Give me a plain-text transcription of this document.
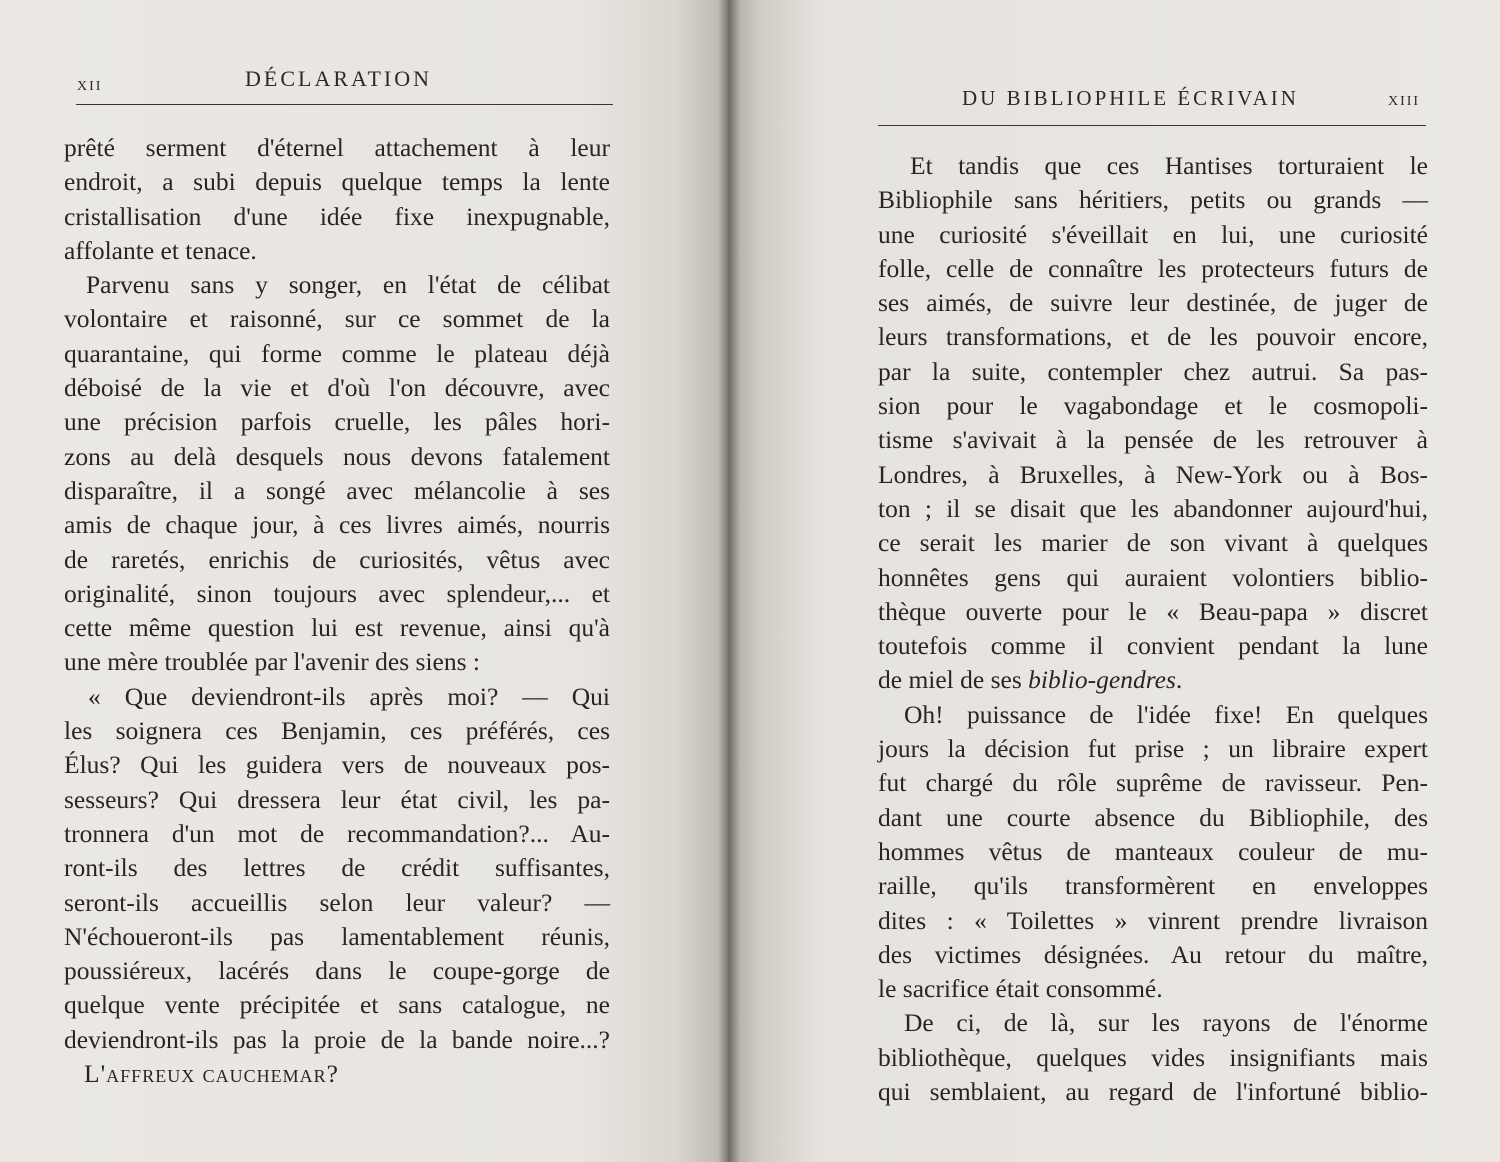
XII	DÉCLARATION
prêté serment d'éternel attachement à leur
endroit, a subi depuis quelque temps la lente
cristallisation d'une idée fixe inexpugnable,
affolante et tenace.
Parvenu sans y songer, en l'état de célibat
volontaire et raisonné, sur ce sommet de la
quarantaine, qui forme comme le plateau déjà
déboisé de la vie et d'où l'on découvre, avec
une précision parfois cruelle, les pâles hori-
zons au delà desquels nous devons fatalement
disparaître, il a songé avec mélancolie à ses
amis de chaque jour, à ces livres aimés, nourris
de raretés, enrichis de curiosités, vêtus avec
originalité, sinon toujours avec splendeur,... et
cette même question lui est revenue, ainsi qu'à
une mère troublée par l'avenir des siens :
« Que deviendront-ils après moi? — Qui
les soignera ces Benjamin, ces préférés, ces
Élus? Qui les guidera vers de nouveaux pos-
sesseurs? Qui dressera leur état civil, les pa-
tronnera d'un mot de recommandation?... Au-
ront-ils des lettres de crédit suffisantes,
seront-ils accueillis selon leur valeur? —
N'échoueront-ils pas lamentablement réunis,
poussiéreux, lacérés dans le coupe-gorge de
quelque vente précipitée et sans catalogue, ne
deviendront-ils pas la proie de la bande noire...?
L'affreux cauchemar?
DU BIBLIOPHILE ÉCRIVAIN	XIII
Et tandis que ces Hantises torturaient le
Bibliophile sans héritiers, petits ou grands —
une curiosité s'éveillait en lui, une curiosité
folle, celle de connaître les protecteurs futurs de
ses aimés, de suivre leur destinée, de juger de
leurs transformations, et de les pouvoir encore,
par la suite, contempler chez autrui. Sa pas-
sion pour le vagabondage et le cosmopoli-
tisme s'avivait à la pensée de les retrouver à
Londres, à Bruxelles, à New-York ou à Bos-
ton ; il se disait que les abandonner aujourd'hui,
ce serait les marier de son vivant à quelques
honnêtes gens qui auraient volontiers biblio-
thèque ouverte pour le « Beau-papa » discret
toutefois comme il convient pendant la lune
de miel de ses biblio-gendres.
Oh! puissance de l'idée fixe! En quelques
jours la décision fut prise ; un libraire expert
fut chargé du rôle suprême de ravisseur. Pen-
dant une courte absence du Bibliophile, des
hommes vêtus de manteaux couleur de mu-
raille, qu'ils transformèrent en enveloppes
dites : « Toilettes » vinrent prendre livraison
des victimes désignées. Au retour du maître,
le sacrifice était consommé.
De ci, de là, sur les rayons de l'énorme
bibliothèque, quelques vides insignifiants mais
qui semblaient, au regard de l'infortuné biblio-
